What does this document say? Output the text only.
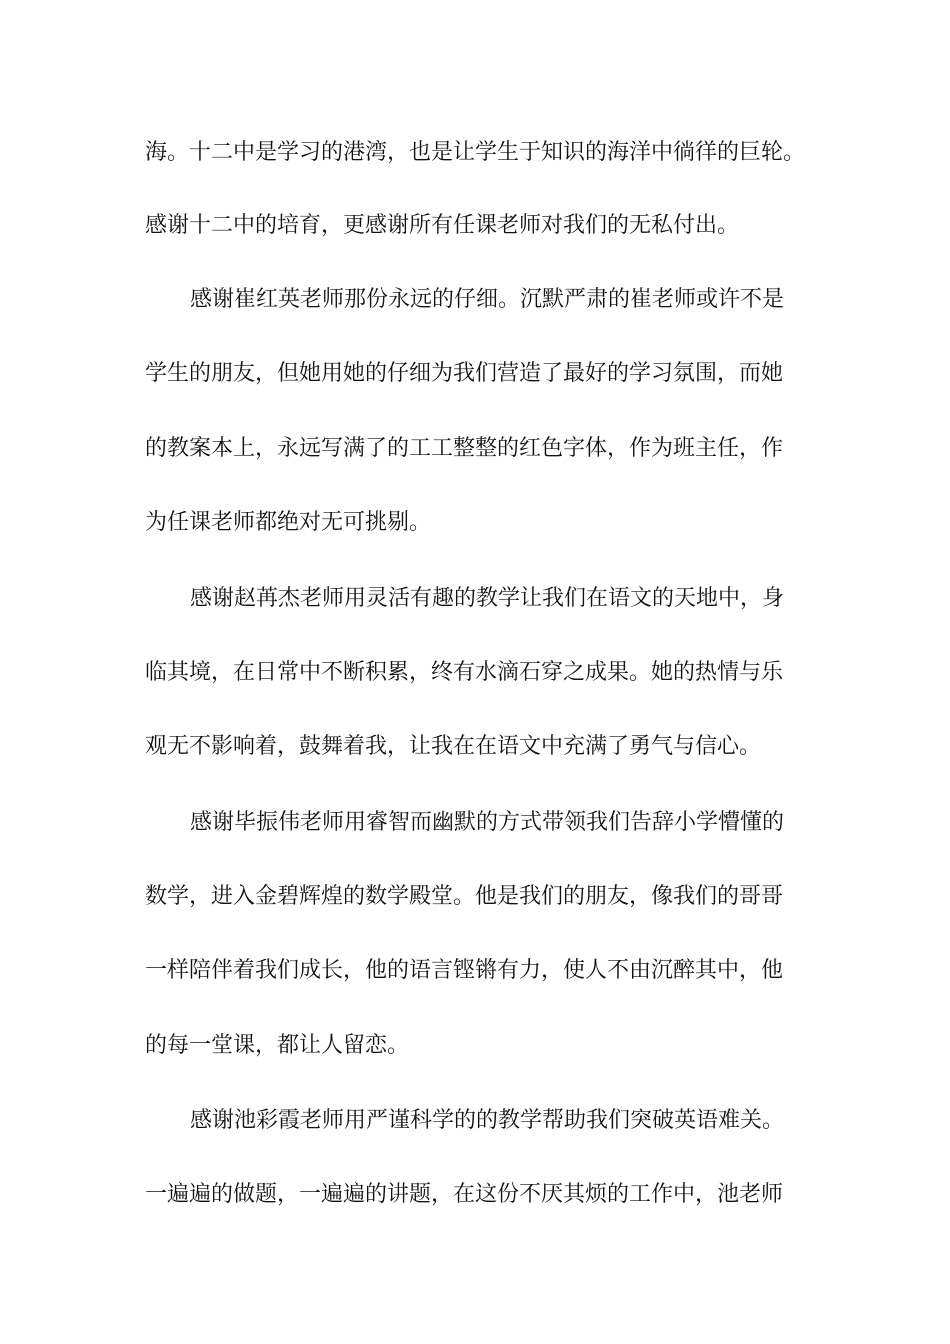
海。十二中是学习的港湾，也是让学生于知识的海洋中徜徉的巨轮。
感谢十二中的培育，更感谢所有任课老师对我们的无私付出。
感谢崔红英老师那份永远的仔细。沉默严肃的崔老师或许不是
学生的朋友，但她用她的仔细为我们营造了最好的学习氛围，而她
的教案本上，永远写满了的工工整整的红色字体，作为班主任，作
为任课老师都绝对无可挑剔。
感谢赵苒杰老师用灵活有趣的教学让我们在语文的天地中，身
临其境，在日常中不断积累，终有水滴石穿之成果。她的热情与乐
观无不影响着，鼓舞着我，让我在在语文中充满了勇气与信心。
感谢毕振伟老师用睿智而幽默的方式带领我们告辞小学懵懂的
数学，进入金碧辉煌的数学殿堂。他是我们的朋友，像我们的哥哥
一样陪伴着我们成长，他的语言铿锵有力，使人不由沉醉其中，他
的每一堂课，都让人留恋。
感谢池彩霞老师用严谨科学的的教学帮助我们突破英语难关。
一遍遍的做题，一遍遍的讲题，在这份不厌其烦的工作中，池老师
